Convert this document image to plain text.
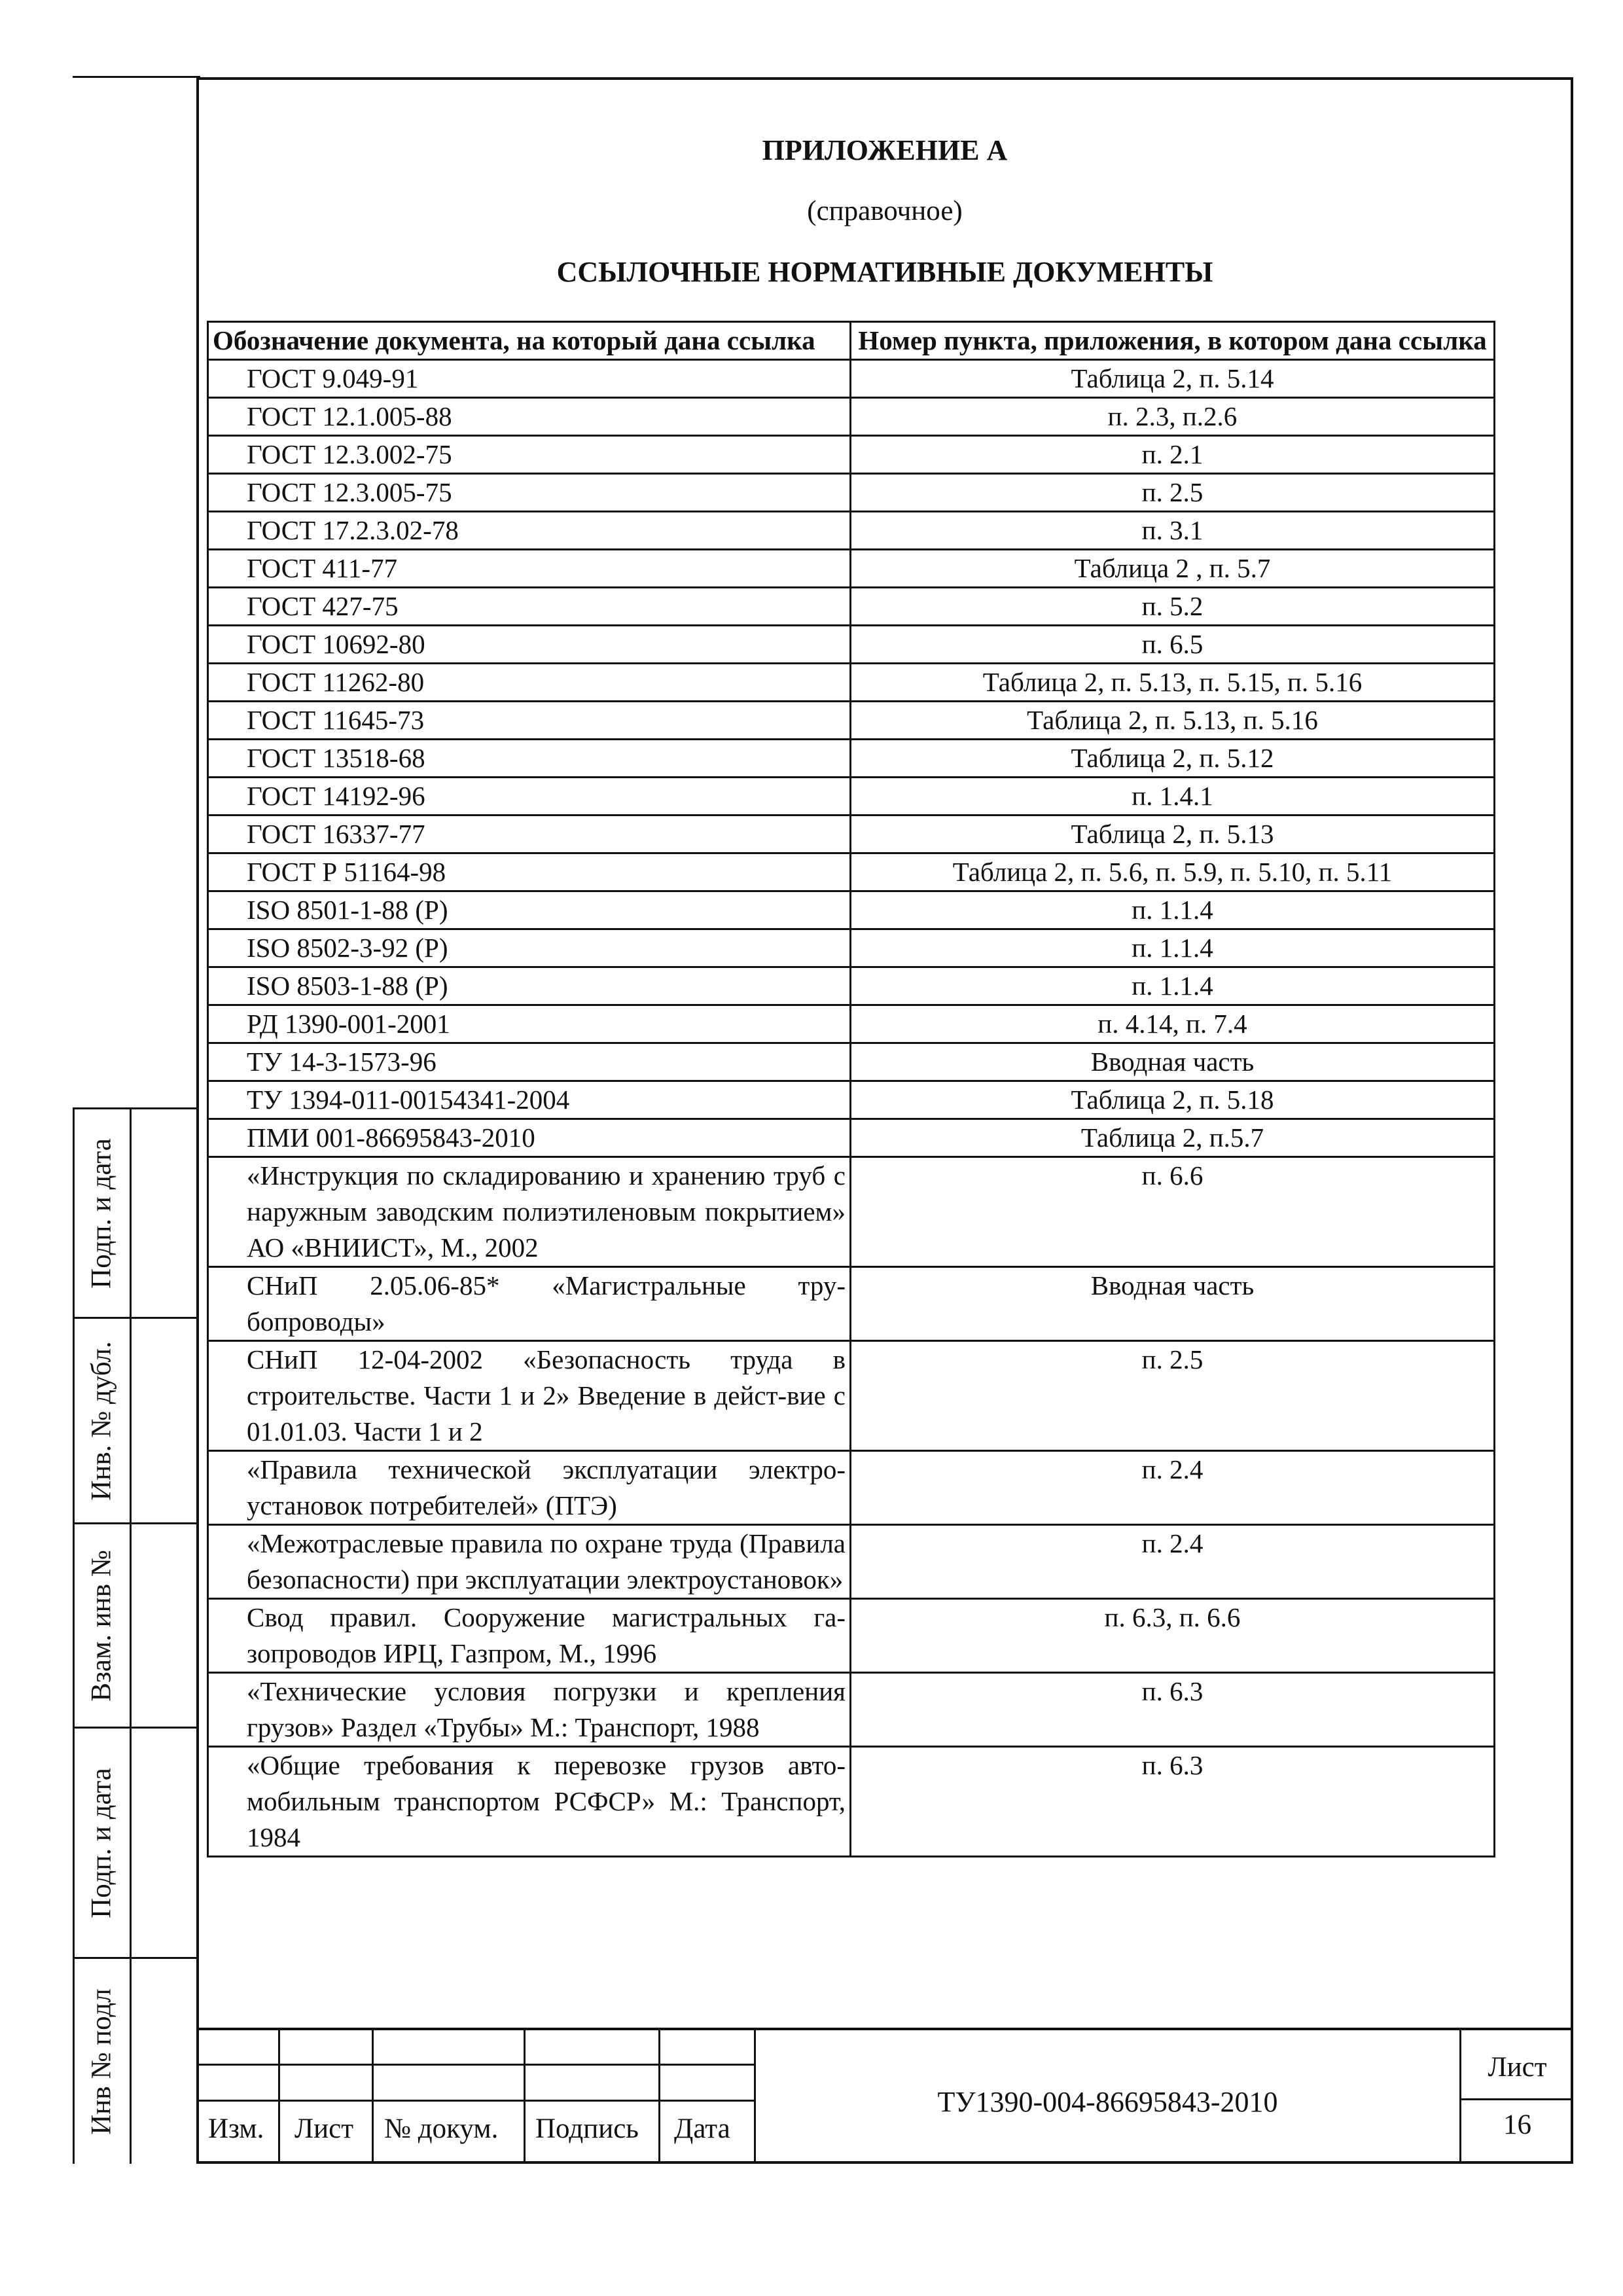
Подп. и дата
Инв. № дубл.
Взам. инв №
Подп. и дата
Инв № подл
ПРИЛОЖЕНИЕ А
(справочное)
ССЫЛОЧНЫЕ НОРМАТИВНЫЕ ДОКУМЕНТЫ
Обозначение документа, на который дана ссылка	Номер пункта, приложения, в котором дана ссылка
ГОСТ 9.049-91	Таблица 2, п. 5.14
ГОСТ 12.1.005-88	п. 2.3, п.2.6
ГОСТ 12.3.002-75	п. 2.1
ГОСТ 12.3.005-75	п. 2.5
ГОСТ 17.2.3.02-78	п. 3.1
ГОСТ 411-77	Таблица 2 , п. 5.7
ГОСТ 427-75	п. 5.2
ГОСТ 10692-80	п. 6.5
ГОСТ 11262-80	Таблица 2, п. 5.13, п. 5.15, п. 5.16
ГОСТ 11645-73	Таблица 2, п. 5.13, п. 5.16
ГОСТ 13518-68	Таблица 2, п. 5.12
ГОСТ 14192-96	п. 1.4.1
ГОСТ 16337-77	Таблица 2, п. 5.13
ГОСТ Р 51164-98	Таблица 2, п. 5.6, п. 5.9, п. 5.10, п. 5.11
ISO 8501-1-88 (Р)	п. 1.1.4
ISO 8502-3-92 (Р)	п. 1.1.4
ISO 8503-1-88 (Р)	п. 1.1.4
РД 1390-001-2001	п. 4.14, п. 7.4
ТУ 14-3-1573-96	Вводная часть
ТУ 1394-011-00154341-2004	Таблица 2, п. 5.18
ПМИ 001-86695843-2010	Таблица 2, п.5.7
«Инструкция по складированию и хранению труб с наружным заводским полиэтиленовым покрытием» АО «ВНИИСТ», М., 2002	п. 6.6
СНиП 2.05.06-85* «Магистральные тру-бопроводы»	Вводная часть
СНиП 12-04-2002 «Безопасность труда в строительстве. Части 1 и 2» Введение в дейст-вие с 01.01.03. Части 1 и 2	п. 2.5
«Правила технической эксплуатации электро-установок потребителей» (ПТЭ)	п. 2.4
«Межотраслевые правила по охране труда (Правила безопасности) при эксплуатации электроустановок»	п. 2.4
Свод правил. Сооружение магистральных га-зопроводов ИРЦ, Газпром, М., 1996	п. 6.3, п. 6.6
«Технические условия погрузки и крепления грузов» Раздел «Трубы» М.: Транспорт, 1988	п. 6.3
«Общие требования к перевозке грузов авто-мобильным транспортом РСФСР» М.: Транспорт, 1984	п. 6.3
Изм. Лист № докум. Подпись Дата
ТУ1390-004-86695843-2010
Лист
16
